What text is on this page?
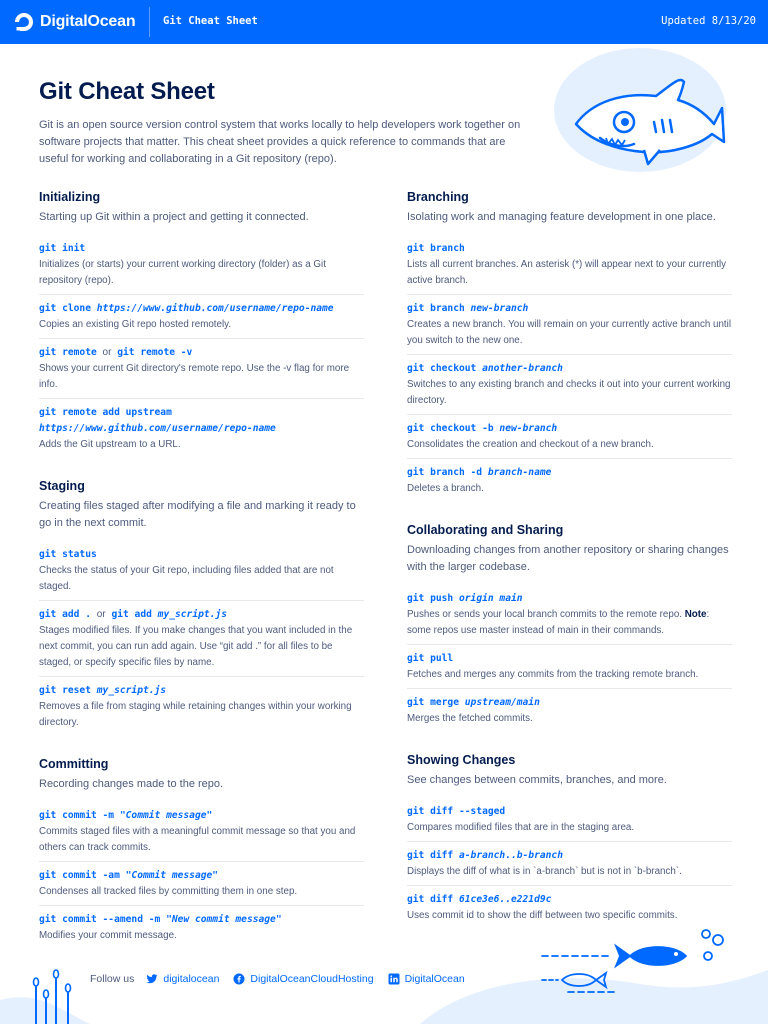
DigitalOcean	Git Cheat Sheet	Updated 8/13/20
Git Cheat Sheet

Git is an open source version control system that works locally to help developers work together on software projects that matter. This cheat sheet provides a quick reference to commands that are useful for working and collaborating in a Git repository (repo).

Initializing
Starting up Git within a project and getting it connected.
git init
Initializes (or starts) your current working directory (folder) as a Git repository (repo).
git clone https://www.github.com/username/repo-name
Copies an existing Git repo hosted remotely.
git remote or git remote -v
Shows your current Git directory's remote repo. Use the -v flag for more info.
git remote add upstream
https://www.github.com/username/repo-name
Adds the Git upstream to a URL.
Staging
Creating files staged after modifying a file and marking it ready to go in the next commit.
git status
Checks the status of your Git repo, including files added that are not staged.
git add . or git add my_script.js
Stages modified files. If you make changes that you want included in the next commit, you can run add again. Use “git add .” for all files to be staged, or specify specific files by name.
git reset my_script.js
Removes a file from staging while retaining changes within your working directory.
Committing
Recording changes made to the repo.
git commit -m "Commit message"
Commits staged files with a meaningful commit message so that you and others can track commits.
git commit -am "Commit message"
Condenses all tracked files by committing them in one step.
git commit --amend -m "New commit message"
Modifies your commit message.
Branching
Isolating work and managing feature development in one place.
git branch
Lists all current branches. An asterisk (*) will appear next to your currently active branch.
git branch new-branch
Creates a new branch. You will remain on your currently active branch until you switch to the new one.
git checkout another-branch
Switches to any existing branch and checks it out into your current working directory.
git checkout -b new-branch
Consolidates the creation and checkout of a new branch.
git branch -d branch-name
Deletes a branch.
Collaborating and Sharing
Downloading changes from another repository or sharing changes with the larger codebase.
git push origin main
Pushes or sends your local branch commits to the remote repo. Note: some repos use master instead of main in their commands.
git pull
Fetches and merges any commits from the tracking remote branch.
git merge upstream/main
Merges the fetched commits.
Showing Changes
See changes between commits, branches, and more.
git diff --staged
Compares modified files that are in the staging area.
git diff a-branch..b-branch
Displays the diff of what is in `a-branch` but is not in `b-branch`.
git diff 61ce3e6..e221d9c
Uses commit id to show the diff between two specific commits.
Follow us	digitalocean	DigitalOceanCloudHosting	DigitalOcean
